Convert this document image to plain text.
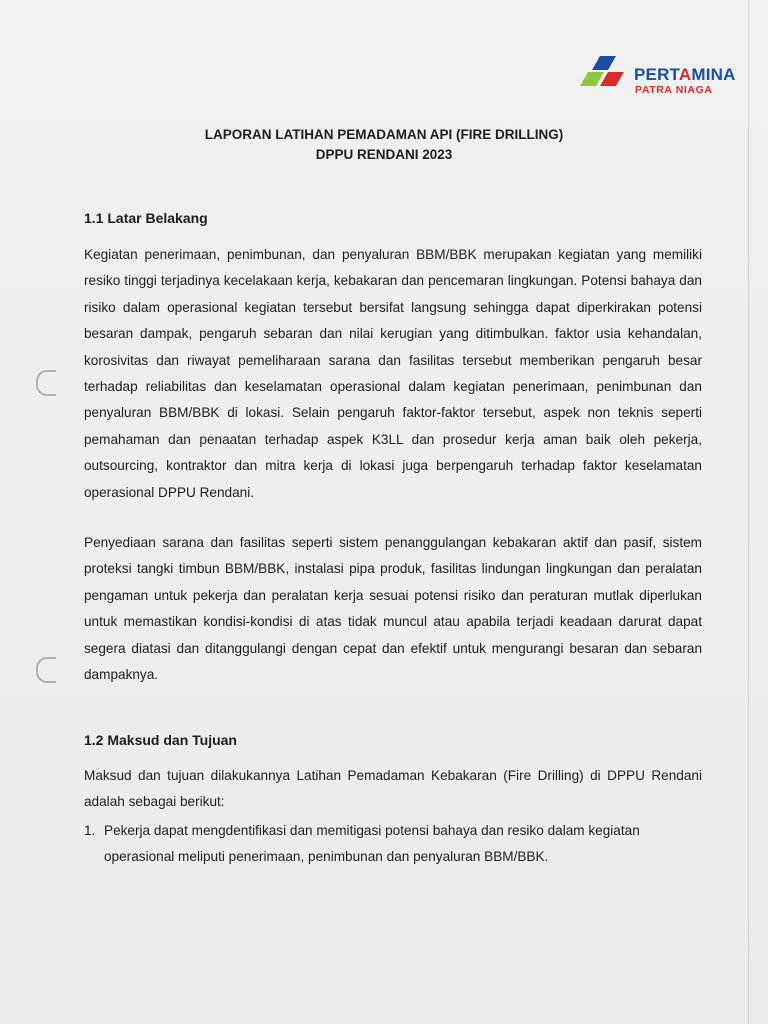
PERTAMINA
PATRA NIAGA
LAPORAN LATIHAN PEMADAMAN API (FIRE DRILLING)
DPPU RENDANI 2023
1.1 Latar Belakang

Kegiatan penerimaan, penimbunan, dan penyaluran BBM/BBK merupakan kegiatan yang memiliki resiko tinggi terjadinya kecelakaan kerja, kebakaran dan pencemaran lingkungan. Potensi bahaya dan risiko dalam operasional kegiatan tersebut bersifat langsung sehingga dapat diperkirakan potensi besaran dampak, pengaruh sebaran dan nilai kerugian yang ditimbulkan. faktor usia kehandalan, korosivitas dan riwayat pemeliharaan sarana dan fasilitas tersebut memberikan pengaruh besar terhadap reliabilitas dan keselamatan operasional dalam kegiatan penerimaan, penimbunan dan penyaluran BBM/BBK di lokasi. Selain pengaruh faktor-faktor tersebut, aspek non teknis seperti pemahaman dan penaatan terhadap aspek K3LL dan prosedur kerja aman baik oleh pekerja, outsourcing, kontraktor dan mitra kerja di lokasi juga berpengaruh terhadap faktor keselamatan operasional DPPU Rendani.

Penyediaan sarana dan fasilitas seperti sistem penanggulangan kebakaran aktif dan pasif, sistem proteksi tangki timbun BBM/BBK, instalasi pipa produk, fasilitas lindungan lingkungan dan peralatan pengaman untuk pekerja dan peralatan kerja sesuai potensi risiko dan peraturan mutlak diperlukan untuk memastikan kondisi-kondisi di atas tidak muncul atau apabila terjadi keadaan darurat dapat segera diatasi dan ditanggulangi dengan cepat dan efektif untuk mengurangi besaran dan sebaran dampaknya.

1.2 Maksud dan Tujuan

Maksud dan tujuan dilakukannya Latihan Pemadaman Kebakaran (Fire Drilling) di DPPU Rendani adalah sebagai berikut:

1. Pekerja dapat mengdentifikasi dan memitigasi potensi bahaya dan resiko dalam kegiatan operasional meliputi penerimaan, penimbunan dan penyaluran BBM/BBK.
